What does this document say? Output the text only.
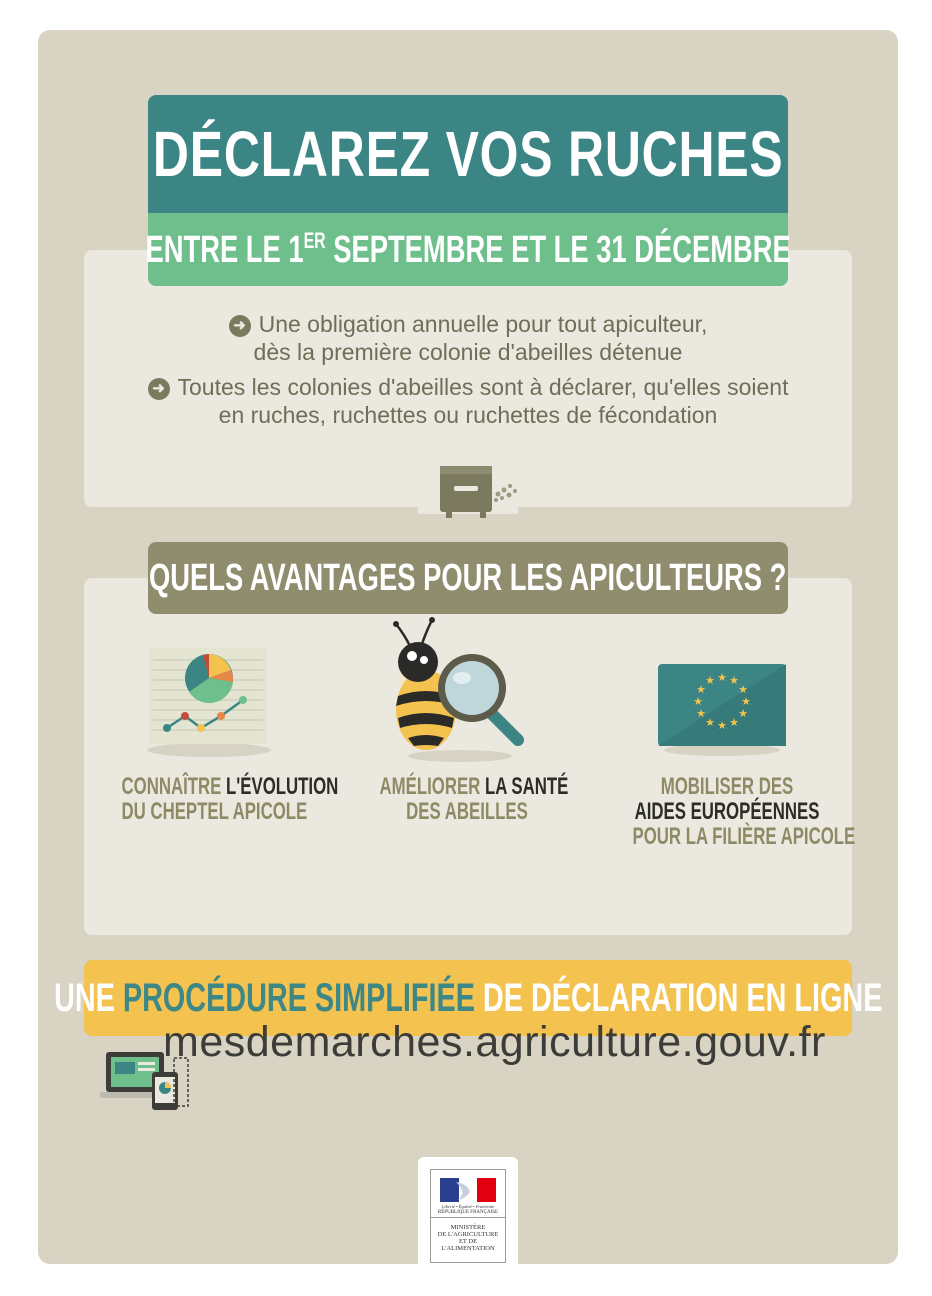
➜ Une obligation annuelle pour tout apiculteur,
dès la première colonie d'abeilles détenue
➜ Toutes les colonies d'abeilles sont à déclarer, qu'elles soient
en ruches, ruchettes ou ruchettes de fécondation
DÉCLAREZ VOS RUCHES
ENTRE LE 1ER SEPTEMBRE ET LE 31 DÉCEMBRE
★ ★
★
★
★
★
★
★
★
★
★
★
CONNAÎTRE L'ÉVOLUTION
DU CHEPTEL APICOLE
AMÉLIORER LA SANTÉ
DES ABEILLES
MOBILISER DES
AIDES EUROPÉENNES
POUR LA FILIÈRE APICOLE
QUELS AVANTAGES POUR LES APICULTEURS ?
UNE PROCÉDURE SIMPLIFIÉE DE DÉCLARATION EN LIGNE
mesdemarches.agriculture.gouv.fr
Liberté • Égalité • Fraternité
RÉPUBLIQUE FRANÇAISE
MINISTÈRE
DE L'AGRICULTURE
ET DE
L'ALIMENTATION
